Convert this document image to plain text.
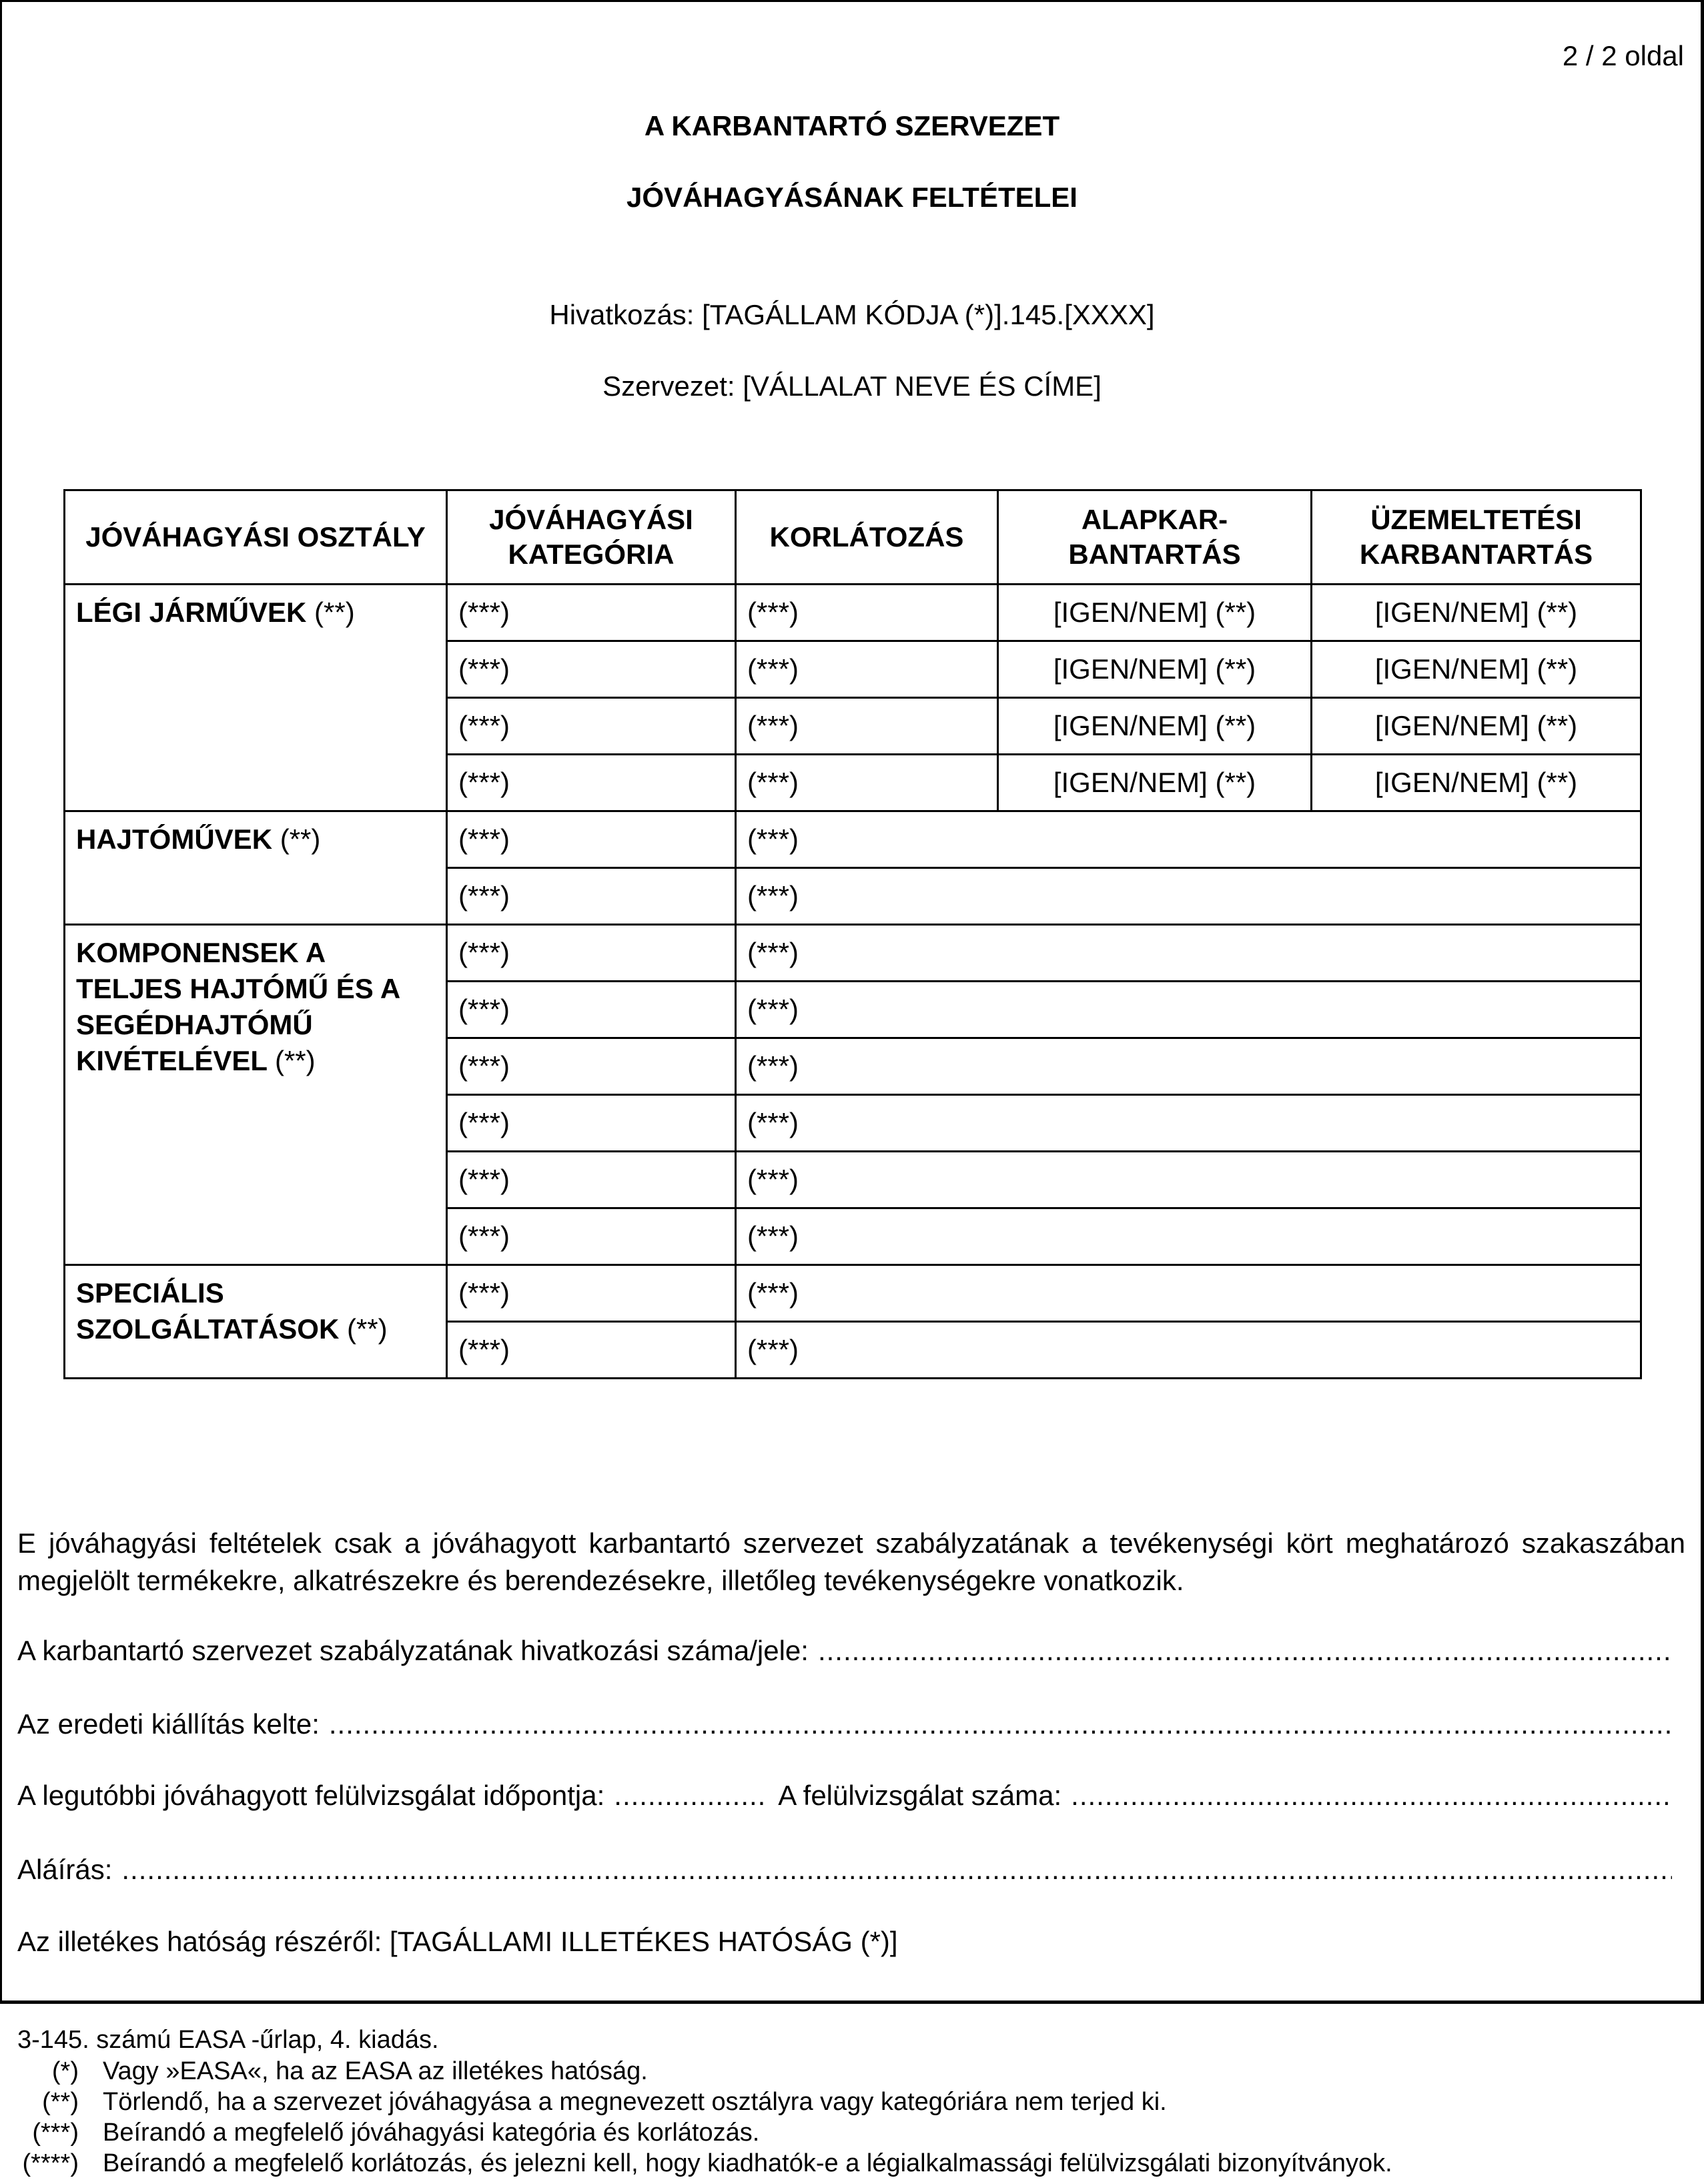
2 / 2 oldal
A KARBANTARTÓ SZERVEZET
JÓVÁHAGYÁSÁNAK FELTÉTELEI
Hivatkozás: [TAGÁLLAM KÓDJA (*)].145.[XXXX]
Szervezet: [VÁLLALAT NEVE ÉS CÍME]
JÓVÁHAGYÁSI OSZTÁLY	JÓVÁHAGYÁSI KATEGÓRIA	KORLÁTOZÁS	ALAPKAR-BANTARTÁS	ÜZEMELTETÉSI KARBANTARTÁS
LÉGI JÁRMŰVEK (**)	(***)	(***)	[IGEN/NEM] (**)	[IGEN/NEM] (**)
	(***)	(***)	[IGEN/NEM] (**)	[IGEN/NEM] (**)
	(***)	(***)	[IGEN/NEM] (**)	[IGEN/NEM] (**)
	(***)	(***)	[IGEN/NEM] (**)	[IGEN/NEM] (**)
HAJTÓMŰVEK (**)	(***)	(***)		
	(***)	(***)		
KOMPONENSEK A TELJES HAJTÓMŰ ÉS A SEGÉDHAJTÓMŰ KIVÉTELÉVEL (**)	(***)	(***)		
	(***)	(***)		
	(***)	(***)		
	(***)	(***)		
	(***)	(***)		
	(***)	(***)		
SPECIÁLIS SZOLGÁLTATÁSOK (**)	(***)	(***)		
	(***)	(***)		
E jóváhagyási feltételek csak a jóváhagyott karbantartó szervezet szabályzatának a tevékenységi kört meghatározó szakaszában megjelölt termékekre, alkatrészekre és berendezésekre, illetőleg tevékenységekre vonatkozik.
A karbantartó szervezet szabályzatának hivatkozási száma/jele:
.....
Az eredeti kiállítás kelte:
.....
A legutóbbi jóváhagyott felülvizsgálat időpontja: .....	A felülvizsgálat száma:
.....
Aláírás:
.....
Az illetékes hatóság részéről: [TAGÁLLAMI ILLETÉKES HATÓSÁG (*)]
3-145. számú EASA -űrlap, 4. kiadás.
(*) Vagy »EASA«, ha az EASA az illetékes hatóság.
(**) Törlendő, ha a szervezet jóváhagyása a megnevezett osztályra vagy kategóriára nem terjed ki.
(***) Beírandó a megfelelő jóváhagyási kategória és korlátozás.
(****) Beírandó a megfelelő korlátozás, és jelezni kell, hogy kiadhatók-e a légialkalmassági felülvizsgálati bizonyítványok.
